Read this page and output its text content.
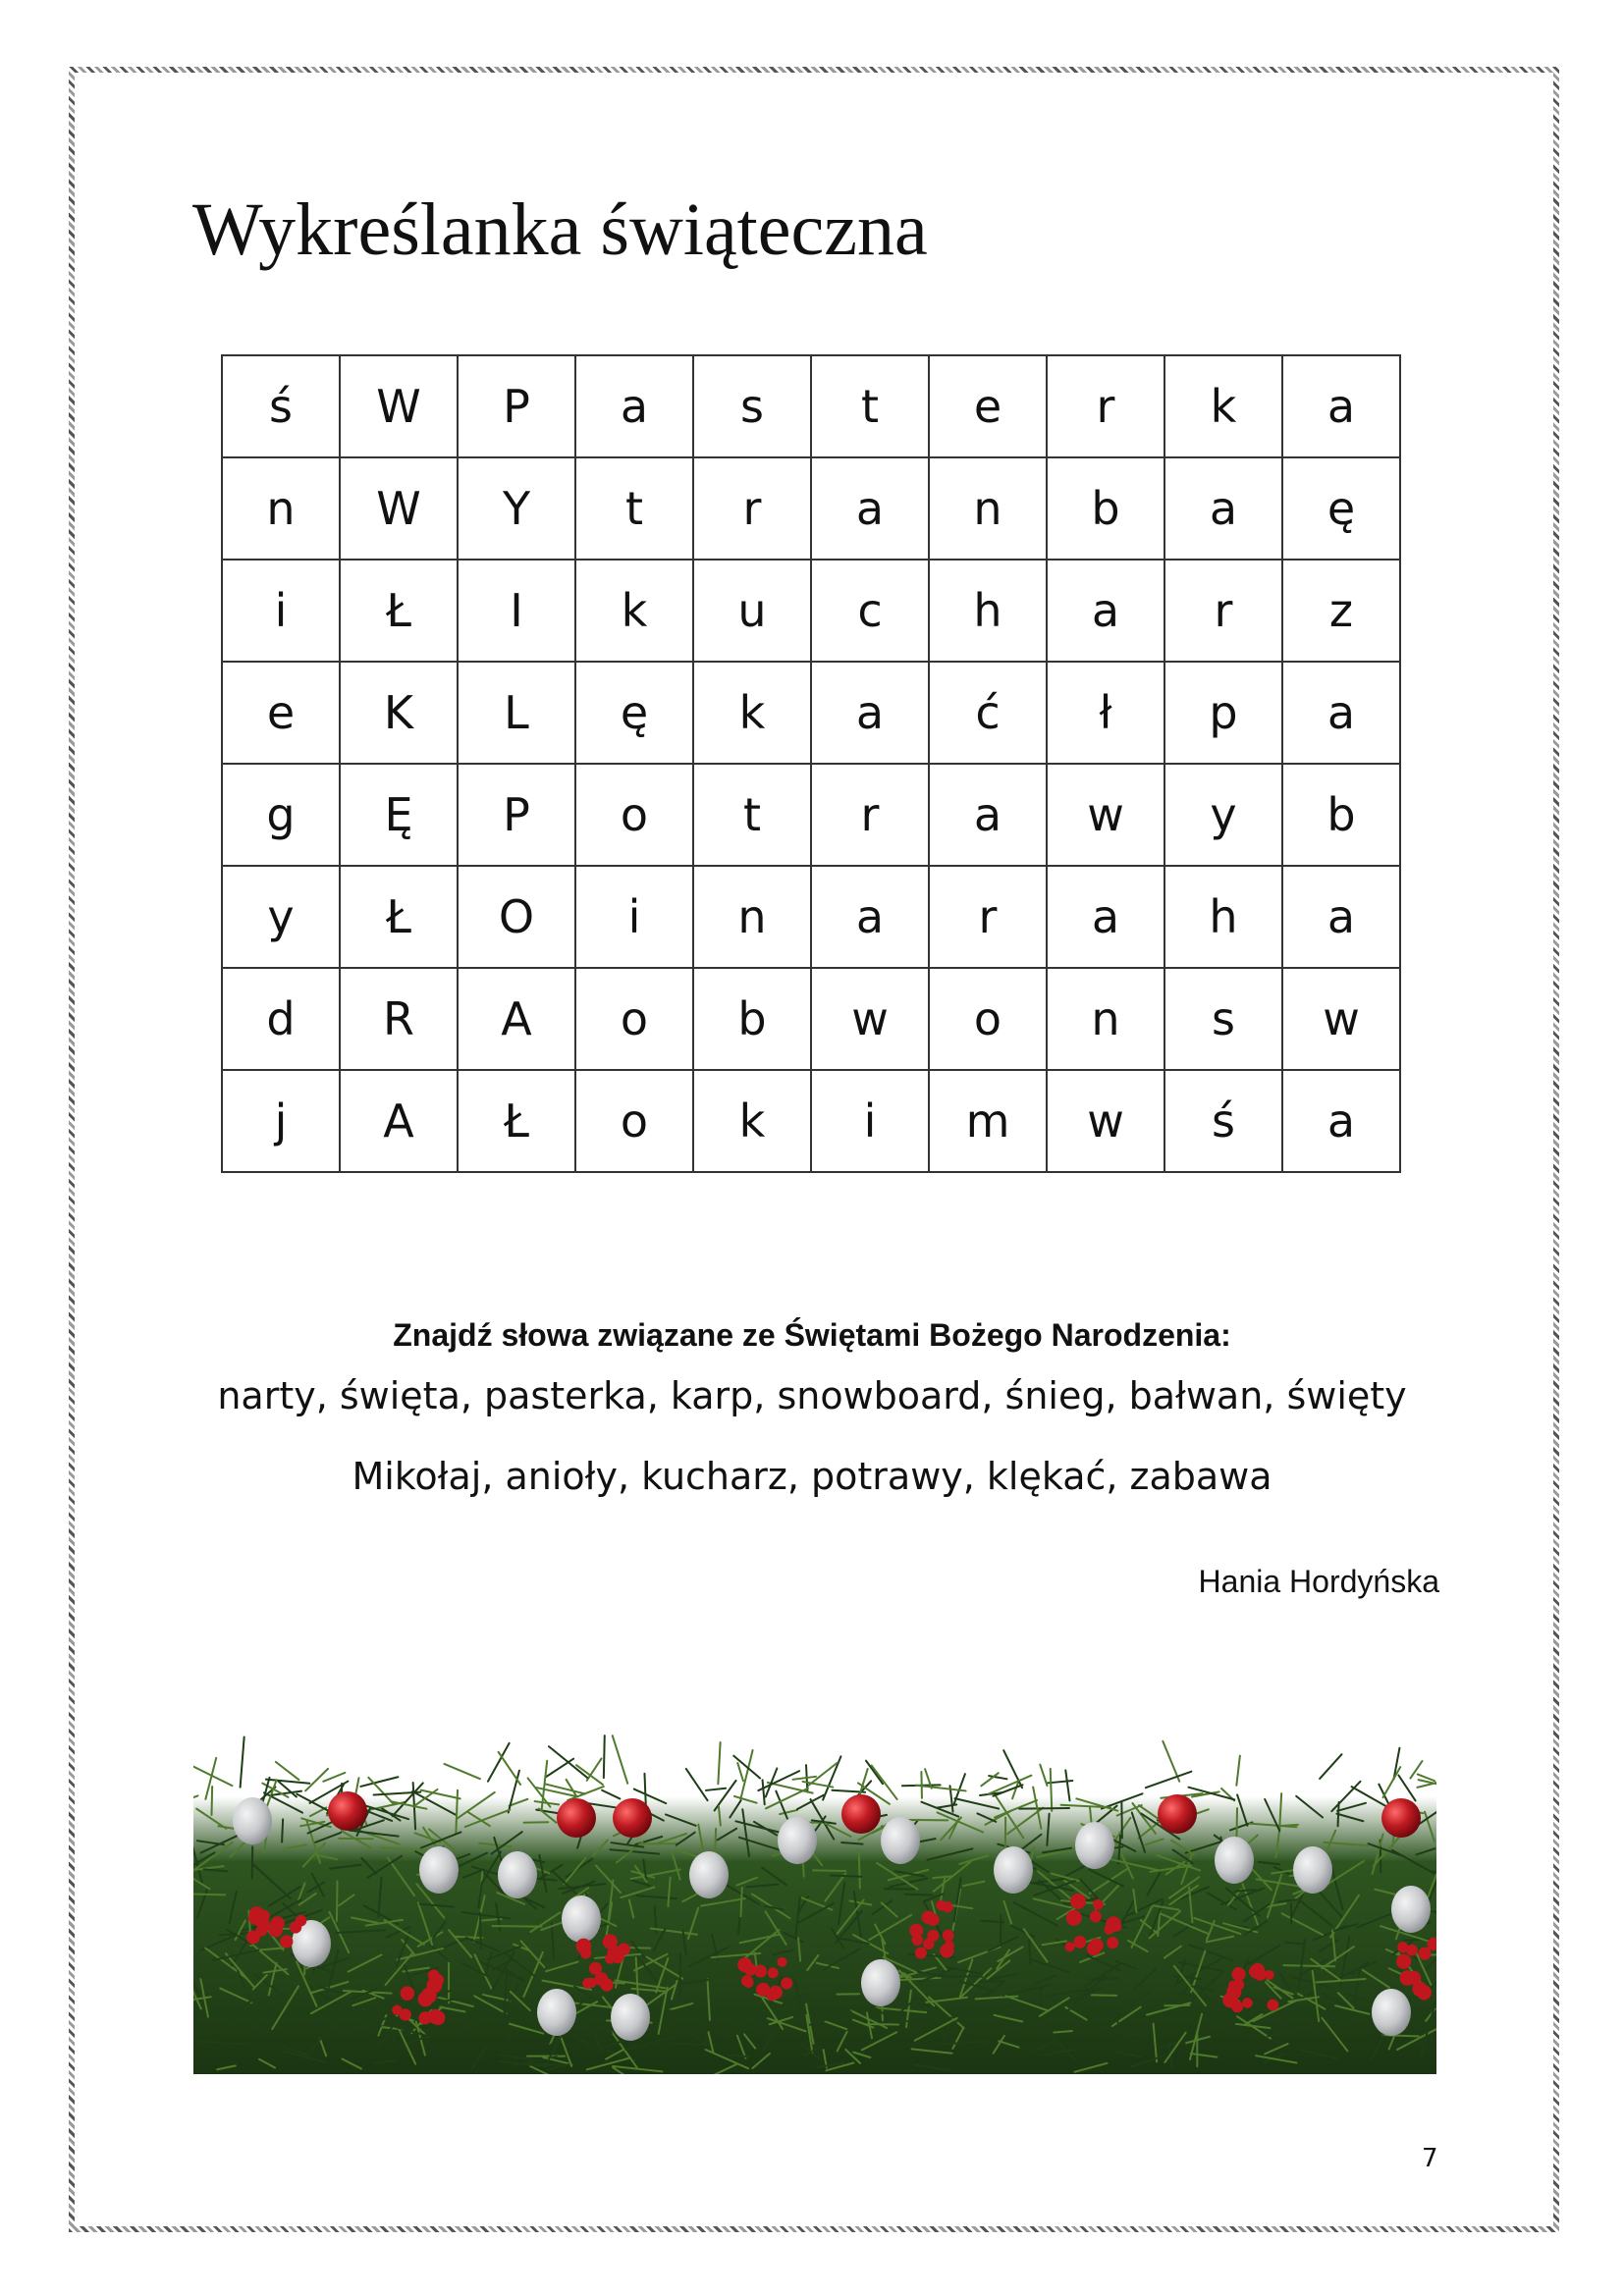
Wykreślanka świąteczna
ś	W	P	a	s	t	e	r	k	a
n	W	Y	t	r	a	n	b	a	ę
i	Ł	I	k	u	c	h	a	r	z
e	K	L	ę	k	a	ć	ł	p	a
g	Ę	P	o	t	r	a	w	y	b
y	Ł	O	i	n	a	r	a	h	a
d	R	A	o	b	w	o	n	s	w
j	A	Ł	o	k	i	m	w	ś	a
Znajdź słowa związane ze Świętami Bożego Narodzenia:
narty, święta, pasterka, karp, snowboard, śnieg, bałwan, święty
Mikołaj, anioły, kucharz, potrawy, klękać, zabawa
Hania Hordyńska
7
